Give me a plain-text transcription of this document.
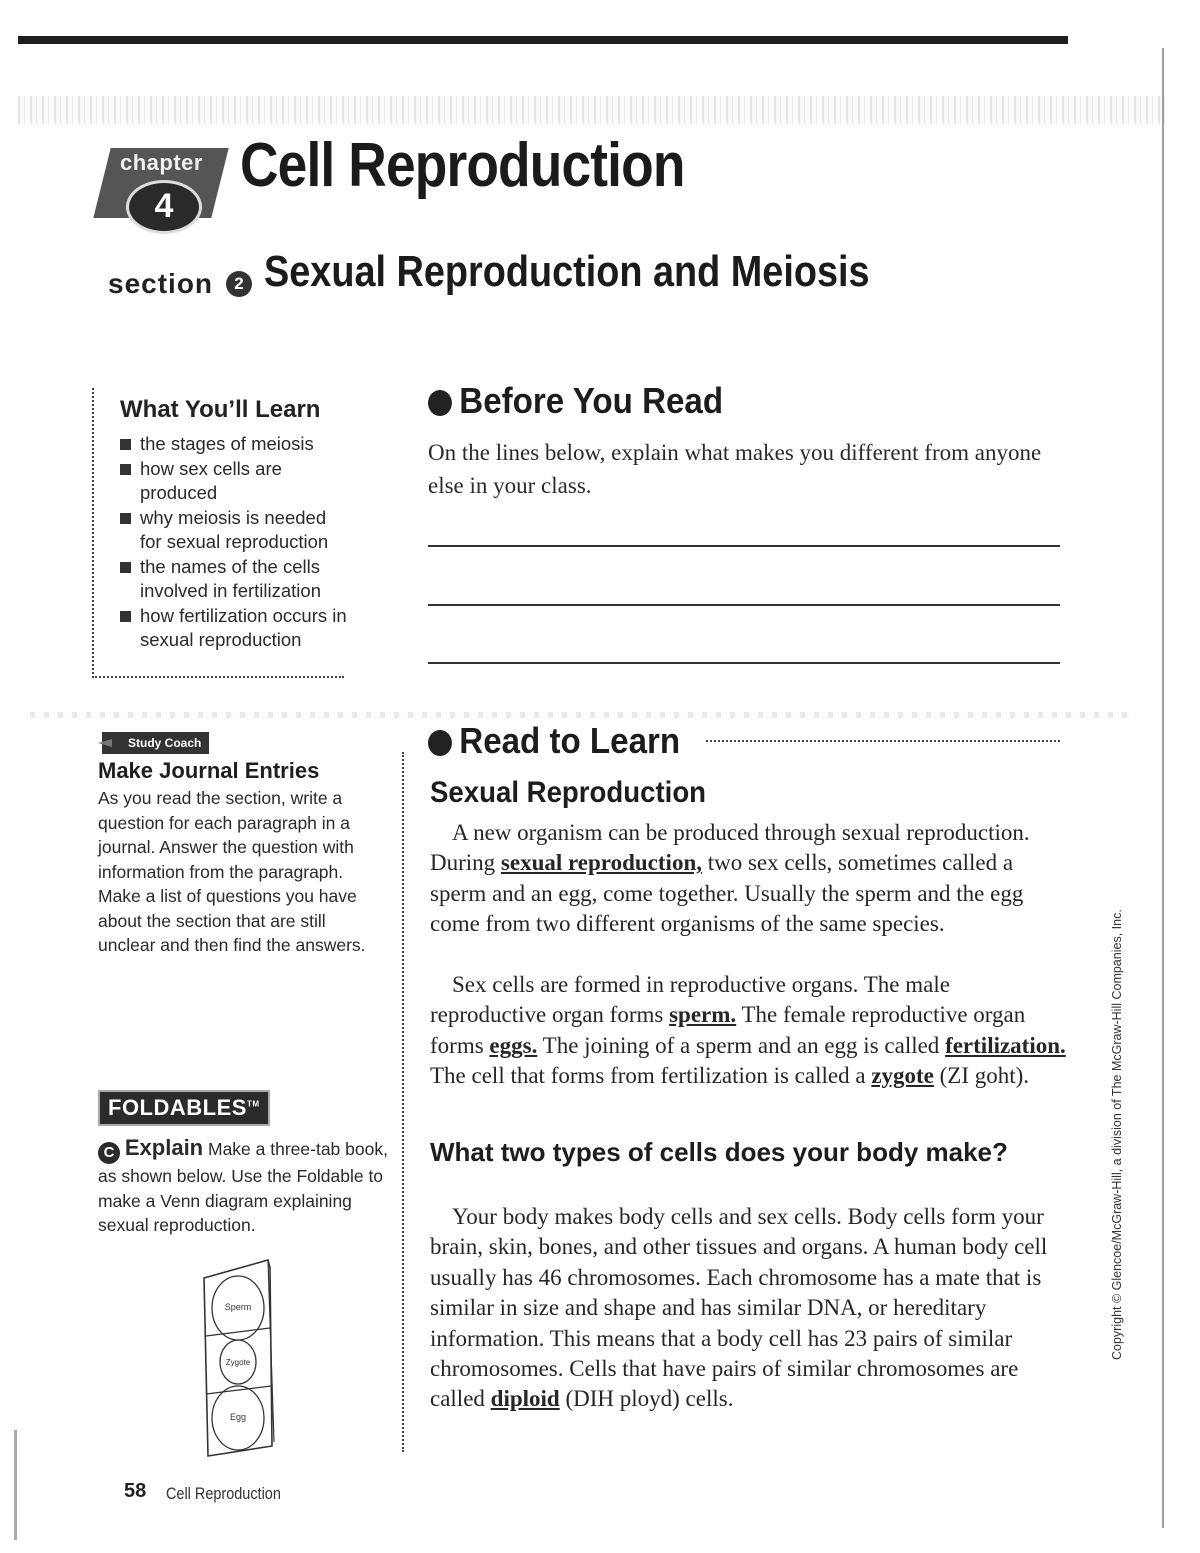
chapter
4
Cell Reproduction
section	2 Sexual Reproduction and Meiosis
What You’ll Learn
the stages of meiosis
how sex cells are produced
why meiosis is needed for sexual reproduction
the names of the cells involved in fertilization
how fertilization occurs in sexual reproduction
Before You Read

On the lines below, explain what makes you different from anyone else in your class.

Study Coach
Make Journal Entries

As you read the section, write a question for each paragraph in a journal. Answer the question with information from the paragraph. Make a list of questions you have about the section that are still unclear and then find the answers.

FOLDABLES™

C Explain Make a three-tab book, as shown below. Use the Foldable to make a Venn diagram explaining sexual reproduction.

Sperm
Zygote
Egg
Read to Learn
Sexual Reproduction

A new organism can be produced through sexual reproduction. During sexual reproduction, two sex cells, sometimes called a sperm and an egg, come together. Usually the sperm and the egg come from two different organisms of the same species.

Sex cells are formed in reproductive organs. The male reproductive organ forms sperm. The female reproductive organ forms eggs. The joining of a sperm and an egg is called fertilization. The cell that forms from fertilization is called a zygote (ZI goht).

What two types of cells does your body make?

Your body makes body cells and sex cells. Body cells form your brain, skin, bones, and other tissues and organs. A human body cell usually has 46 chromosomes. Each chromosome has a mate that is similar in size and shape and has similar DNA, or hereditary information. This means that a body cell has 23 pairs of similar chromosomes. Cells that have pairs of similar chromosomes are called diploid (DIH ployd) cells.

58 Cell Reproduction
Copyright © Glencoe/McGraw-Hill, a division of The McGraw-Hill Companies, Inc.
